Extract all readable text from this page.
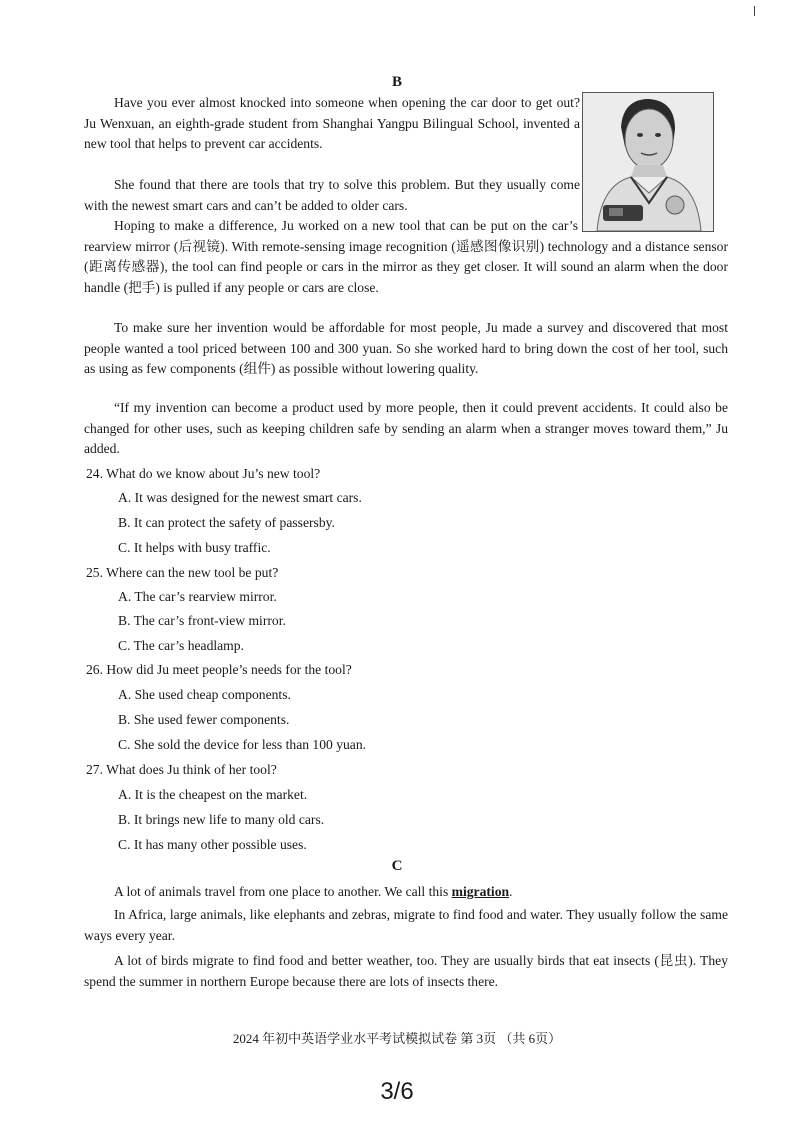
B

Have you ever almost knocked into someone when opening the car door to get out? Ju Wenxuan, an eighth-grade student from Shanghai Yangpu Bilingual School, invented a new tool that helps to prevent car accidents.

She found that there are tools that try to solve this problem. But they usually come with the newest smart cars and can’t be added to older cars.

Hoping to make a difference, Ju worked on a new tool that can be put on the car’s rearview mirror (后视镜). With remote-sensing image recognition (遥感图像识别) technology and a distance sensor (距离传感器), the tool can find people or cars in the mirror as they get closer. It will sound an alarm when the door handle (把手) is pulled if any people or cars are close.

To make sure her invention would be affordable for most people, Ju made a survey and discovered that most people wanted a tool priced between 100 and 300 yuan. So she worked hard to bring down the cost of her tool, such as using as few components (组件) as possible without lowering quality.

“If my invention can become a product used by more people, then it could prevent accidents. It could also be changed for other uses, such as keeping children safe by sending an alarm when a stranger moves toward them,” Ju added.

24. What do we know about Ju’s new tool?
A. It was designed for the newest smart cars.
B. It can protect the safety of passersby.
C. It helps with busy traffic.
25. Where can the new tool be put?
A. The car’s rearview mirror.
B. The car’s front-view mirror.
C. The car’s headlamp.
26. How did Ju meet people’s needs for the tool?
A. She used cheap components.
B. She used fewer components.
C. She sold the device for less than 100 yuan.
27. What does Ju think of her tool?
A. It is the cheapest on the market.
B. It brings new life to many old cars.
C. It has many other possible uses.
C

A lot of animals travel from one place to another. We call this migration.

In Africa, large animals, like elephants and zebras, migrate to find food and water. They usually follow the same ways every year.

A lot of birds migrate to find food and better weather, too. They are usually birds that eat insects (昆虫). They spend the summer in northern Europe because there are lots of insects there.

2024 年初中英语学业水平考试模拟试卷 第 3页 （共 6页）
3/6
